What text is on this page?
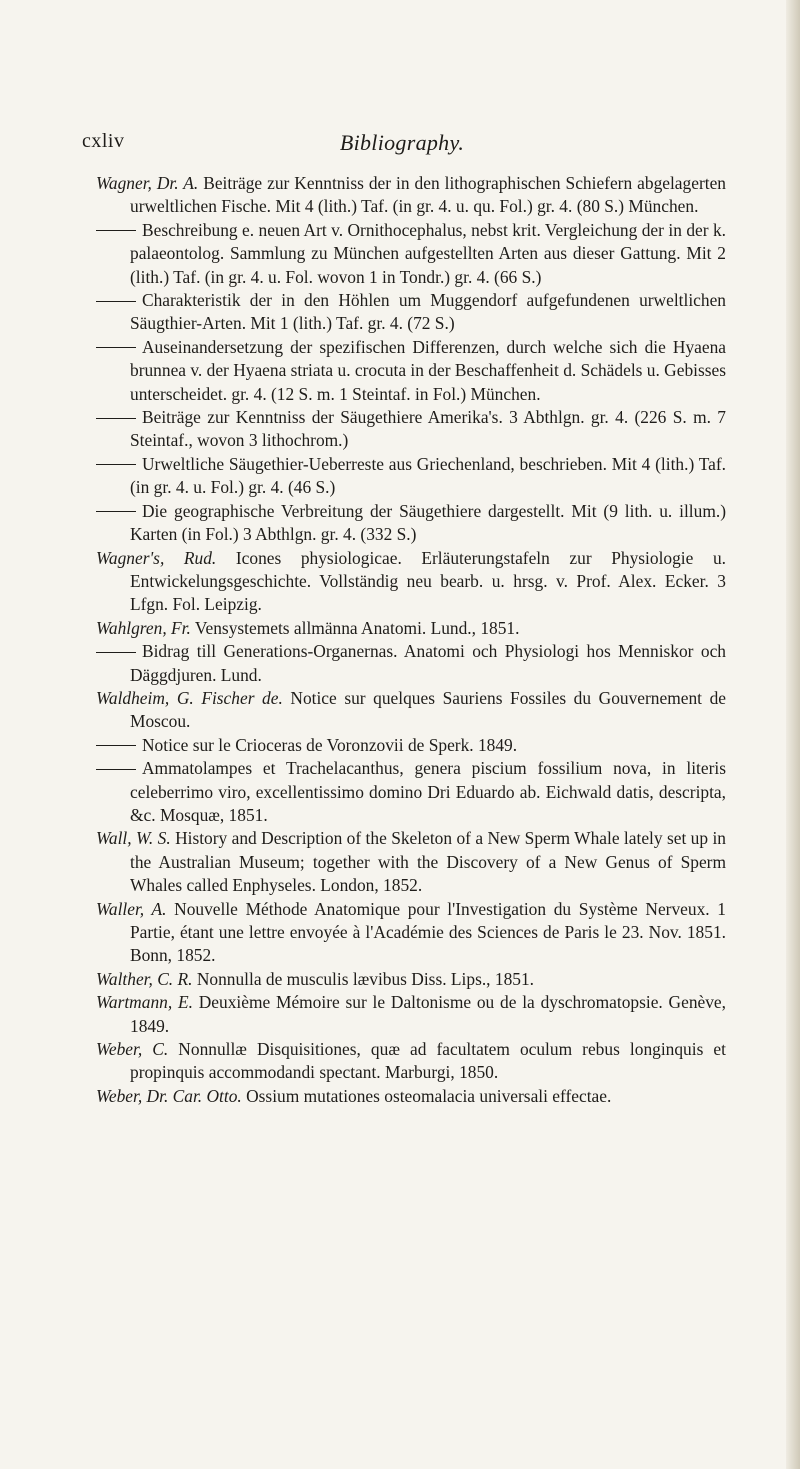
cxliv	Bibliography.

Wagner, Dr. A. Beiträge zur Kenntniss der in den lithographischen Schiefern abgelagerten urweltlichen Fische. Mit 4 (lith.) Taf. (in gr. 4. u. qu. Fol.) gr. 4. (80 S.) München.

Beschreibung e. neuen Art v. Ornithocephalus, nebst krit. Vergleichung der in der k. palaeontolog. Sammlung zu München aufgestellten Arten aus dieser Gattung. Mit 2 (lith.) Taf. (in gr. 4. u. Fol. wovon 1 in Tondr.) gr. 4. (66 S.)

Charakteristik der in den Höhlen um Muggendorf aufgefundenen urweltlichen Säugthier-Arten. Mit 1 (lith.) Taf. gr. 4. (72 S.)

Auseinandersetzung der spezifischen Differenzen, durch welche sich die Hyaena brunnea v. der Hyaena striata u. crocuta in der Beschaffenheit d. Schädels u. Gebisses unterscheidet. gr. 4. (12 S. m. 1 Steintaf. in Fol.) München.

Beiträge zur Kenntniss der Säugethiere Amerika's. 3 Abthlgn. gr. 4. (226 S. m. 7 Steintaf., wovon 3 lithochrom.)

Urweltliche Säugethier-Ueberreste aus Griechenland, beschrieben. Mit 4 (lith.) Taf. (in gr. 4. u. Fol.) gr. 4. (46 S.)

Die geographische Verbreitung der Säugethiere dargestellt. Mit (9 lith. u. illum.) Karten (in Fol.) 3 Abthlgn. gr. 4. (332 S.)

Wagner's, Rud. Icones physiologicae. Erläuterungstafeln zur Physiologie u. Entwickelungsgeschichte. Vollständig neu bearb. u. hrsg. v. Prof. Alex. Ecker. 3 Lfgn. Fol. Leipzig.

Wahlgren, Fr. Vensystemets allmänna Anatomi. Lund., 1851.

Bidrag till Generations-Organernas. Anatomi och Physiologi hos Menniskor och Däggdjuren. Lund.

Waldheim, G. Fischer de. Notice sur quelques Sauriens Fossiles du Gouvernement de Moscou.

Notice sur le Crioceras de Voronzovii de Sperk. 1849.

Ammatolampes et Trachelacanthus, genera piscium fossilium nova, in literis celeberrimo viro, excellentissimo domino Dri Eduardo ab. Eichwald datis, descripta, &c. Mosquæ, 1851.

Wall, W. S. History and Description of the Skeleton of a New Sperm Whale lately set up in the Australian Museum; together with the Discovery of a New Genus of Sperm Whales called Enphyseles. London, 1852.

Waller, A. Nouvelle Méthode Anatomique pour l'Investigation du Système Nerveux. 1 Partie, étant une lettre envoyée à l'Académie des Sciences de Paris le 23. Nov. 1851. Bonn, 1852.

Walther, C. R. Nonnulla de musculis lævibus Diss. Lips., 1851.

Wartmann, E. Deuxième Mémoire sur le Daltonisme ou de la dyschromatopsie. Genève, 1849.

Weber, C. Nonnullæ Disquisitiones, quæ ad facultatem oculum rebus longinquis et propinquis accommodandi spectant. Marburgi, 1850.

Weber, Dr. Car. Otto. Ossium mutationes osteomalacia universali effectae.
